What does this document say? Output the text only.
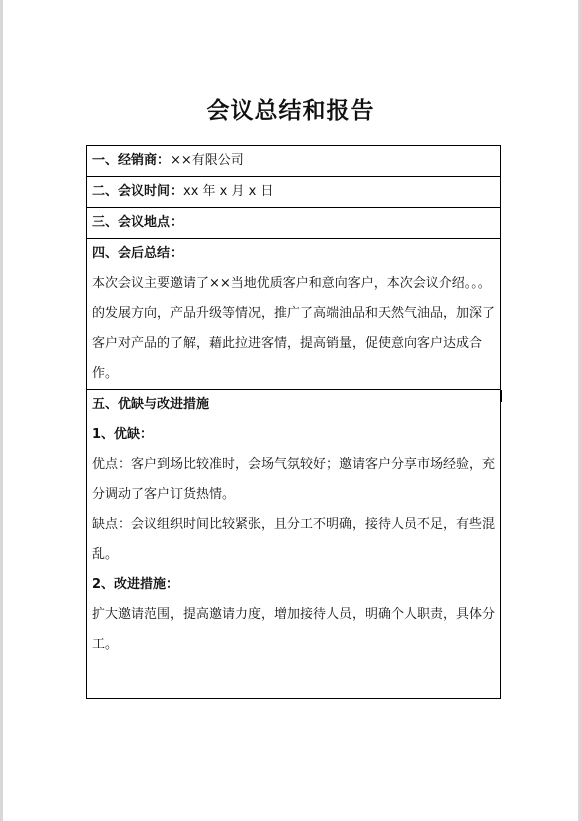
会议总结和报告
一、经销商：××有限公司
二、会议时间：xx 年 x 月 x 日
三、会议地点：

四、会后总结：

本次会议主要邀请了××当地优质客户和意向客户，本次会议介绍。。。的发展方向，产品升级等情况，推广了高端油品和天然气油品，加深了客户对产品的了解，藉此拉进客情，提高销量，促使意向客户达成合作。

五、优缺与改进措施
1、优缺：

优点：客户到场比较准时，会场气氛较好；邀请客户分享市场经验，充分调动了客户订货热情。

缺点：会议组织时间比较紧张，且分工不明确，接待人员不足，有些混乱。

2、改进措施：

扩大邀请范围，提高邀请力度，增加接待人员，明确个人职责，具体分工。
